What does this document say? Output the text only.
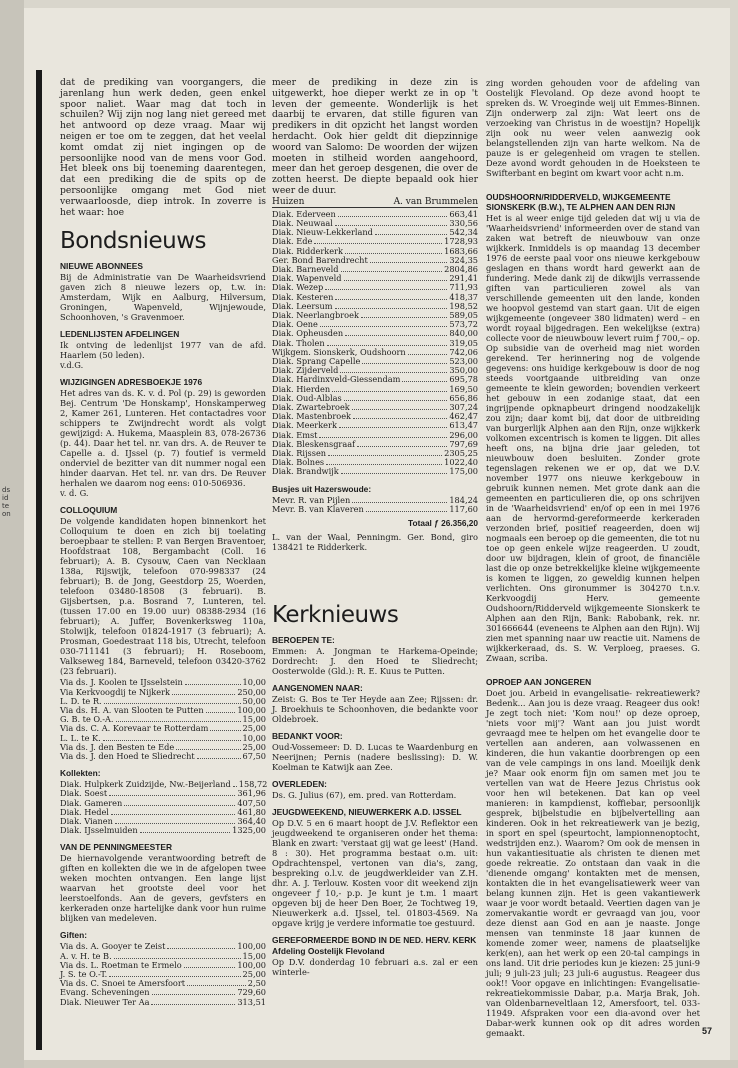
ds
id
te
on

dat de prediking van voorgangers, die jarenlang hun werk deden, geen enkel spoor naliet. Waar mag dat toch in schuilen? Wij zijn nog lang niet gereed met het antwoord op deze vraag. Maar wij neigen er toe om te zeggen, dat het veelal komt omdat zij niet ingingen op de persoonlijke nood van de mens voor God. Het bleek ons bij toeneming daarentegen, dat een prediking die de spits op de persoonlijke omgang met God niet verwaarloosde, diep introk. In zoverre is het waar: hoe

Bondsnieuws
NIEUWE ABONNEES

Bij de Administratie van De Waarheidsvriend gaven zich 8 nieuwe lezers op, t.w. in: Amsterdam, Wijk en Aalburg, Hilversum, Groningen, Wapenveld, Wijnjewoude, Schoonhoven, 's Gravenmoer.

LEDENLIJSTEN AFDELINGEN

Ik ontving de ledenlijst 1977 van de afd. Haarlem (50 leden).

v.d.G.

WIJZIGINGEN ADRESBOEKJE 1976

Het adres van ds. K. v. d. Pol (p. 29) is geworden Bej. Centrum 'De Honskamp', Honskamperweg 2, Kamer 261, Lunteren. Het contactadres voor schippers te Zwijndrecht wordt als volgt gewijzigd: A. Hukema, Maasplein 83, 078-26736 (p. 44). Daar het tel. nr. van drs. A. de Reuver te Capelle a. d. IJssel (p. 7) foutief is vermeld onderviel de bezitter van dit nummer nogal een hinder daarvan. Het tel. nr. van drs. De Reuver herhalen we daarom nog eens: 010-506936.

v. d. G.

COLLOQUIUM

De volgende kandidaten hopen binnenkort het Colloquium te doen en zich bij toelating beroepbaar te stellen: P. van Bergen Braventoer, Hoofdstraat 108, Bergambacht (Coll. 16 februari); A. B. Cysouw, Caen van Necklaan 138a, Rijswijk, telefoon 070-998337 (24 februari); B. de Jong, Geestdorp 25, Woerden, telefoon 03480-18508 (3 februari). B. Gijsbertsen, p.a. Bosrand 7, Lunteren, tel. (tussen 17.00 en 19.00 uur) 08388-2934 (16 februari); A. Juffer, Bovenkerksweg 110a, Stolwijk, telefoon 01824-1917 (3 februari); A. Prosman, Goedestraat 118 bis, Utrecht, telefoon 030-711141 (3 februari); H. Roseboom, Valkseweg 184, Barneveld, telefoon 03420-3762 (23 februari).

Via ds. J. Koolen te IJsselstein	10,00
Via Kerkvoogdij te Nijkerk	250,00
L. D. te R.	50,00
Via ds. H. A. van Slooten te Putten	100,00
G. B. te O.-A.	15,00
Via ds. C. A. Korevaar te Rotterdam	25,00
L. L. te K.	10,00
Via ds. J. den Besten te Ede	25,00
Via ds. J. den Hoed te Sliedrecht	67,50
Kollekten:
Diak. Hulpkerk Zuidzijde, Nw.-Beijerland 158,72
Diak. Soest	361,96
Diak. Gameren	407,50
Diak. Hedel	461,80
Diak. Vianen	364,40
Diak. IJsselmuiden	1325,00
VAN DE PENNINGMEESTER

De hiernavolgende verantwoording betreft de giften en kollekten die we in de afgelopen twee weken mochten ontvangen. Een lange lijst waarvan het grootste deel voor het leerstoelfonds. Aan de gevers, gevfsters en kerkeraden onze hartelijke dank voor hun ruime blijken van medeleven.

Giften:
Via ds. A. Gooyer te Zeist	100,00
A. v. H. te B.	15,00
Via ds. L. Roetman te Ermelo	100,00
J. S. te O.-T.	25,00
Via ds. C. Snoei te Amersfoort	2,50
Evang. Scheveningen	729,60
Diak. Nieuwer Ter Aa	313,51

meer de prediking in deze zin is uitgewerkt, hoe dieper werkt ze in op 't leven der gemeente. Wonderlijk is het daarbij te ervaren, dat stille figuren van predikers in dit opzicht het langst worden herdacht. Ook hier geldt dit diepzinnige woord van Salomo: De woorden der wijzen moeten in stilheid worden aangehoord, meer dan het geroep desgenen, die over de zotten heerst. De diepte bepaald ook hier weer de duur.

Huizen	A. van Brummelen
Diak. Ederveen	663,41
Diak. Neuwaal	330,56
Diak. Nieuw-Lekkerland	542,34
Diak. Ede	1728,93
Diak. Ridderkerk	1683,66
Ger. Bond Barendrecht	324,35
Diak. Barneveld	2804,86
Diak. Wapenveld	291,41
Diak. Wezep	711,93
Diak. Kesteren	418,37
Diak. Leersum	198,52
Diak. Neerlangbroek	589,05
Diak. Oene	573,72
Diak. Opheusden	840,00
Diak. Tholen	319,05
Wijkgem. Sionskerk, Oudshoorn	742,06
Diak. Sprang Capelle	523,00
Diak. Zijderveld	350,00
Diak. Hardinxveld-Giessendam	695,78
Diak. Hierden	169,50
Diak. Oud-Alblas	656,86
Diak. Zwartebroek	307,24
Diak. Mastenbroek	462,47
Diak. Meerkerk	613,47
Diak. Emst	296,00
Diak. Bleskensgraaf	797,69
Diak. Rijssen	2305,25
Diak. Bolnes	1022,40
Diak. Brandwijk	175,00
Busjes uit Hazerswoude:
Mevr. R. van Pijlen	184,24
Mevr. B. van Klaveren	117,60
Totaal ƒ 26.356,20

L. van der Waal, Penningm. Ger. Bond, giro 138421 te Ridderkerk.

Kerknieuws
BEROEPEN TE:

Emmen: A. Jongman te Harkema-Opeinde; Dordrecht: J. den Hoed te Sliedrecht; Oosterwolde (Gld.): R. E. Kuus te Putten.

AANGENOMEN NAAR:

Zeist: G. Bos te Ter Heyde aan Zee; Rijssen: dr. J. Broekhuis te Schoonhoven, die bedankte voor Oldebroek.

BEDANKT VOOR:

Oud-Vossemeer: D. D. Lucas te Waardenburg en Neerijnen; Pernis (nadere beslissing): D. W. Koelman te Katwijk aan Zee.

OVERLEDEN:

Ds. G. Julius (67), em. pred. van Rotterdam.

JEUGDWEEKEND, NIEUWERKERK A.D. IJSSEL

Op D.V. 5 en 6 maart hoopt de J.V. Reflektor een jeugdweekend te organiseren onder het thema: Blank en zwart: 'verstaat gij wat ge leest' (Hand. 8 : 30). Het programma bestaat o.m. uit: Opdrachtenspel, vertonen van dia's, zang, bespreking o.l.v. de jeugdwerkleider van Z.H. dhr. A. J. Terlouw. Kosten voor dit weekend zijn ongeveer ƒ 10,- p.p. Je kunt je t.m. 1 maart opgeven bij de heer Den Boer, 2e Tochtweg 19, Nieuwerkerk a.d. IJssel, tel. 01803-4569. Na opgave krijg je verdere informatie toe gestuurd.

GEREFORMEERDE BOND IN DE NED. HERV. KERK
Afdeling Oostelijk Flevoland

Op D.V. donderdag 10 februari a.s. zal er een winterle-

zing worden gehouden voor de afdeling van Oostelijk Flevoland. Op deze avond hoopt te spreken ds. W. Vroeginde weij uit Emmes-Binnen. Zijn onderwerp zal zijn: Wat leert ons de verzoeking van Christus in de woestijn? Hopelijk zijn ook nu weer velen aanwezig ook belangstellenden zijn van harte welkom. Na de pauze is er gelegenheid om vragen te stellen. Deze avond wordt gehouden in de Hoeksteen te Swifterbant en begint om kwart voor acht n.m.

OUDSHOORN/RIDDERVELD, WIJKGEMEENTE SIONSKERK (B.W.), TE ALPHEN AAN DEN RIJN

Het is al weer enige tijd geleden dat wij u via de 'Waarheidsvriend' informeerden over de stand van zaken wat betreft de nieuwbouw van onze wijkkerk. Inmiddels is op maandag 13 december 1976 de eerste paal voor ons nieuwe kerkgebouw geslagen en thans wordt hard gewerkt aan de fundering. Mede dank zij de dikwijls verrassende giften van particulieren zowel als van verschillende gemeenten uit den lande, konden we hoopvol gestemd van start gaan. Uit de eigen wijkgemeente (ongeveer 380 lidmaten) werd – en wordt royaal bijgedragen. Een wekelijkse (extra) collecte voor de nieuwbouw levert ruim ƒ 700,– op. Op subsidie van de overheid mag niet worden gerekend. Ter herinnering nog de volgende gegevens: ons huidige kerkgebouw is door de nog steeds voortgaande uitbreiding van onze gemeente te klein geworden; bovendien verkeert het gebouw in een zodanige staat, dat een ingrijpende opknapbeurt dringend noodzakelijk zou zijn; daar komt bij, dat door de uitbreiding van burgerlijk Alphen aan den Rijn, onze wijkkerk volkomen excentrisch is komen te liggen. Dit alles heeft ons, na bijna drie jaar geleden, tot nieuwbouw doen besluiten. Zonder grote tegenslagen rekenen we er op, dat we D.V. november 1977 ons nieuwe kerkgebouw in gebruik kunnen nemen. Met grote dank aan die gemeenten en particulieren die, op ons schrijven in de 'Waarheidsvriend' en/of op een in mei 1976 aan de hervormd-gereformeerde kerkeraden verzonden brief, positief reageerden, doen wij nogmaals een beroep op die gemeenten, die tot nu toe op geen enkele wijze reageerden. U zoudt, door uw bijdragen, klein of groot, de financiële last die op onze betrekkelijke kleine wijkgemeente is komen te liggen, zo geweldig kunnen helpen verlichten. Ons gironummer is 304270 t.n.v. Kerkvoogdij Herv. gemeente Oudshoorn/Ridderveld wijkgemeente Sionskerk te Alphen aan den Rijn, Bank: Rabobank, rek. nr. 301666644 (eveneens te Alphen aan den Rijn). Wij zien met spanning naar uw reactie uit. Namens de wijkkerkeraad, ds. S. W. Verploeg, praeses. G. Zwaan, scriba.

OPROEP AAN JONGEREN

Doet jou. Arbeid in evangelisatie- rekreatiewerk? Bedenk... Aan jou is deze vraag. Reageer dus ook! Je zegt toch niet: 'Kom nou!' op deze oproep, 'niets voor mij'? Want aan jou juist wordt gevraagd mee te helpen om het evangelie door te vertellen aan anderen, aan volwassenen en kinderen, die hun vakantie doorbrengen op een van de vele campings in ons land. Moeilijk denk je? Maar ook enorm fijn om samen met jou te vertellen van wat de Heere Jezus Christus ook voor hen wil betekenen. Dat kan op veel manieren: in kampdienst, koffiebar, persoonlijk gesprek, bijbelstudie en bijbelvertelling aan kinderen. Ook in het rekreatiewerk van je bezig, in sport en spel (speurtocht, lampionnenoptocht, wedstrijden enz.). Waarom? Om ook de mensen in hun vakantiesituatie als christen te dienen met goede rekreatie. Zo ontstaan dan vaak in die 'dienende omgang' kontakten met de mensen, kontakten die in het evangelisatiewerk weer van belang kunnen zijn. Het is geen vakantiewerk waar je voor wordt betaald. Veertien dagen van je zomervakantie wordt er gevraagd van jou, voor deze dienst aan God en aan je naaste. Jonge mensen van tenminste 18 jaar kunnen de komende zomer weer, namens de plaatselijke kerk(en), aan het werk op een 20-tal campings in ons land. Uit drie periodes kun je kiezen: 25 juni-9 juli; 9 juli-23 juli; 23 juli-6 augustus. Reageer dus ook!! Voor opgave en inlichtingen: Evangelisatie-rekreatiekommissie Dabar, p.a. Marja Brak, Joh. van Oldenbarneveltlaan 12, Amersfoort, tel. 033-11949. Afspraken voor een dia-avond over het Dabar-werk kunnen ook op dit adres worden gemaakt.	57
